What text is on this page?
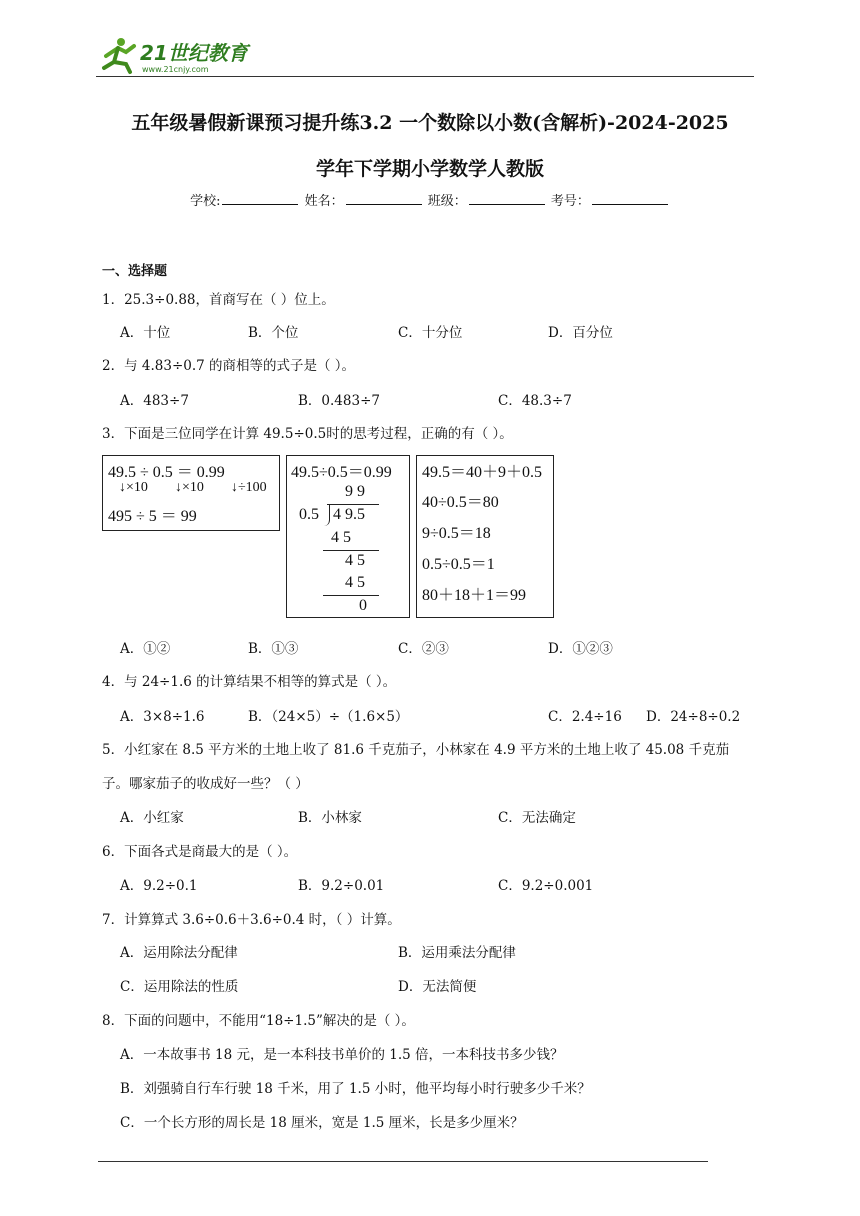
21世纪教育
www.21cnjy.com
五年级暑假新课预习提升练3.2 一个数除以小数(含解析)-2024-2025
学年下学期小学数学人教版
学校:	姓名：	班级：	考号：
一、选择题
1．25.3÷0.88，首商写在（ ）位上。
A．十位	B．个位	C．十分位	D．百分位
2．与 4.83÷0.7 的商相等的式子是（ ）。
A．483÷7	B．0.483÷7	C．48.3÷7
3．下面是三位同学在计算 49.5÷0.5时的思考过程，正确的有（ ）。
49.5 ÷ 0.5 ＝ 0.99
↓×10 ↓×10 ↓÷100
495 ÷ 5 ＝ 99
49.5÷0.5＝0.99
9 9
0.5 4 9.5
4 5
4 5
4 5
0
49.5＝40＋9＋0.5
40÷0.5＝80
9÷0.5＝18
0.5÷0.5＝1
80＋18＋1＝99
A．①②	B．①③	C．②③	D．①②③
4．与 24÷1.6 的计算结果不相等的算式是（ ）。
A．3×8÷1.6	B．（24×5）÷（1.6×5）	C．2.4÷16 D．24÷8÷0.2
5．小红家在 8.5 平方米的土地上收了 81.6 千克茄子，小林家在 4.9 平方米的土地上收了 45.08 千克茄
子。哪家茄子的收成好一些？（ ）
A．小红家	B．小林家	C．无法确定
6．下面各式是商最大的是（ ）。
A．9.2÷0.1	B．9.2÷0.01	C．9.2÷0.001
7．计算算式 3.6÷0.6＋3.6÷0.4 时，（ ）计算。
A．运用除法分配律	B．运用乘法分配律
C．运用除法的性质	D．无法简便
8．下面的问题中，不能用“18÷1.5”解决的是（ ）。
A．一本故事书 18 元，是一本科技书单价的 1.5 倍，一本科技书多少钱？
B．刘强骑自行车行驶 18 千米，用了 1.5 小时，他平均每小时行驶多少千米？
C．一个长方形的周长是 18 厘米，宽是 1.5 厘米，长是多少厘米？
